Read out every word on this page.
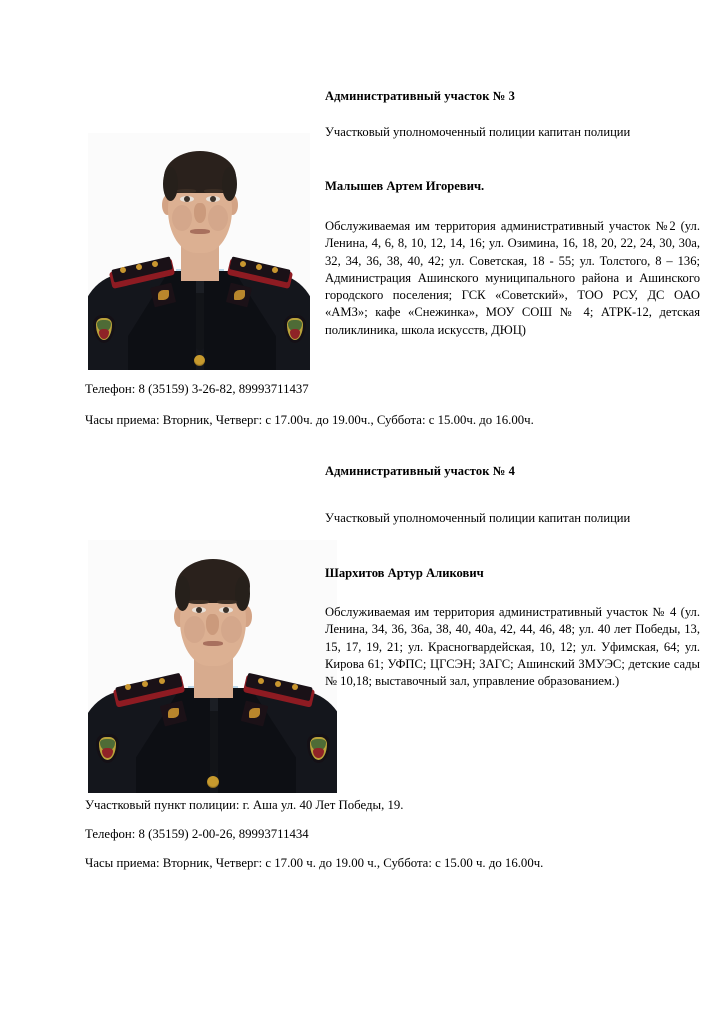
Административный участок № 3
Участковый уполномоченный полиции капитан полиции
Малышев Артем Игоревич.
Обслуживаемая им территория административный участок №2 (ул. Ленина, 4, 6, 8, 10, 12, 14, 16; ул. Озимина, 16, 18, 20, 22, 24, 30, 30а, 32, 34, 36, 38, 40, 42; ул. Советская, 18 - 55; ул. Толстого, 8 – 136; Администрация Ашинского муниципального района и Ашинского городского поселения; ГСК «Советский», ТОО РСУ, ДС ОАО «АМЗ»; кафе «Снежинка», МОУ СОШ № 4; АТРК-12, детская поликлиника, школа искусств, ДЮЦ)
Телефон: 8 (35159) 3-26-82, 89993711437
Часы приема: Вторник, Четверг: с 17.00ч. до 19.00ч., Суббота: с 15.00ч. до 16.00ч.
Административный участок № 4
Участковый уполномоченный полиции капитан полиции
Шархитов Артур Аликович
Обслуживаемая им территория административный участок № 4 (ул. Ленина, 34, 36, 36а, 38, 40, 40а, 42, 44, 46, 48; ул. 40 лет Победы, 13, 15, 17, 19, 21; ул. Красногвардейская, 10, 12; ул. Уфимская, 64; ул. Кирова 61; УФПС; ЦГСЭН; ЗАГС; Ашинский ЗМУЭС; детские сады № 10,18; выставочный зал, управление образованием.)
Участковый пункт полиции: г. Аша ул. 40 Лет Победы, 19.
Телефон: 8 (35159) 2-00-26, 89993711434
Часы приема: Вторник, Четверг: с 17.00 ч. до 19.00 ч., Суббота: с 15.00 ч. до 16.00ч.
